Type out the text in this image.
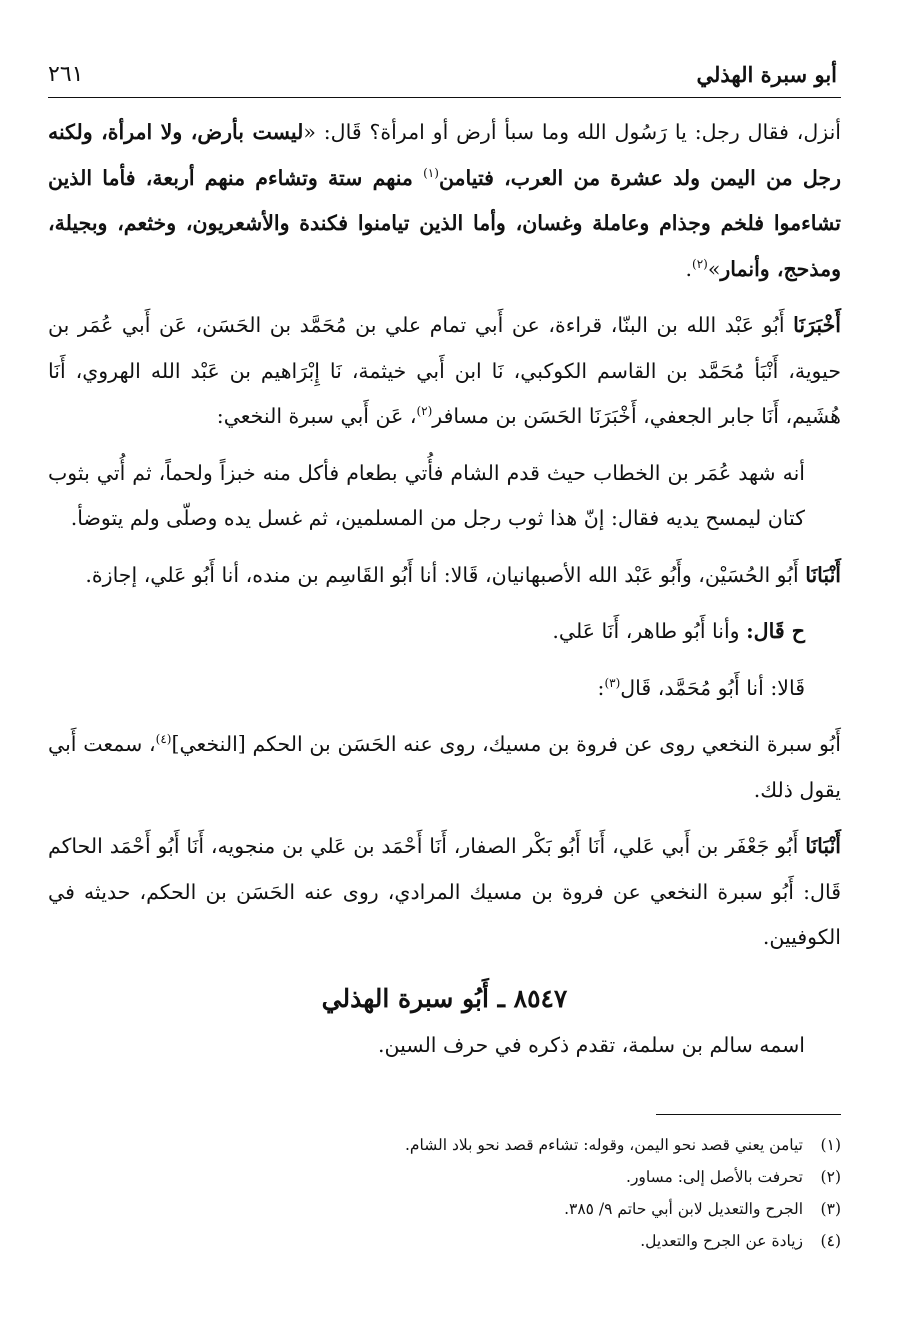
أبو سبرة الهذلي
٢٦١

أنزل، فقال رجل: يا رَسُول الله وما سبأ أرض أو امرأة؟ قَال: «ليست بأرض، ولا امرأة، ولكنه رجل من اليمن ولد عشرة من العرب، فتيامن$^{(١)}$ منهم ستة وتشاءم منهم أربعة، فأما الذين تشاءموا فلخم وجذام وعاملة وغسان، وأما الذين تيامنوا فكندة والأشعريون، وخثعم، وبجيلة، ومذحج، وأنمار»$^{(٢)}$.

أَخْبَرَنَا أَبُو عَبْد الله بن البنّا، قراءة، عن أَبي تمام علي بن مُحَمَّد بن الحَسَن، عَن أَبي عُمَر بن حيوية، أَنْبَأ مُحَمَّد بن القاسم الكوكبي، نَا ابن أَبي خيثمة، نَا إِبْرَاهيم بن عَبْد الله الهروي، أَنَا هُشَيم، أَنَا جابر الجعفي، أَخْبَرَنَا الحَسَن بن مسافر$^{(٢)}$، عَن أَبي سبرة النخعي:

أنه شهد عُمَر بن الخطاب حيث قدم الشام فأُتي بطعام فأكل منه خبزاً ولحماً، ثم أُتي بثوب كتان ليمسح يديه فقال: إنّ هذا ثوب رجل من المسلمين، ثم غسل يده وصلّى ولم يتوضأ.

أَنْبَانَا أَبُو الحُسَيْن، وأَبُو عَبْد الله الأصبهانيان، قَالا: أنا أَبُو القَاسِم بن منده، أنا أَبُو عَلي، إجازة.

ح قَال: وأنا أَبُو طاهر، أَنَا عَلي.

قَالا: أنا أَبُو مُحَمَّد، قَال$^{(٣)}$:

أَبُو سبرة النخعي روى عن فروة بن مسيك، روى عنه الحَسَن بن الحكم [النخعي]$^{(٤)}$، سمعت أَبي يقول ذلك.

أَنْبَانَا أَبُو جَعْفَر بن أَبي عَلي، أَنَا أَبُو بَكْر الصفار، أَنَا أَحْمَد بن عَلي بن منجويه، أَنَا أَبُو أَحْمَد الحاكم قَال: أَبُو سبرة النخعي عن فروة بن مسيك المرادي، روى عنه الحَسَن بن الحكم، حديثه في الكوفيين.

٨٥٤٧ ـ أَبُو سبرة الهذلي

اسمه سالم بن سلمة، تقدم ذكره في حرف السين.

(١)
تيامن يعني قصد نحو اليمن، وقوله: تشاءم قصد نحو بلاد الشام.
(٢)
تحرفت بالأصل إلى: مساور.
(٣)
الجرح والتعديل لابن أبي حاتم ٩/ ٣٨٥.
(٤)
زيادة عن الجرح والتعديل.
